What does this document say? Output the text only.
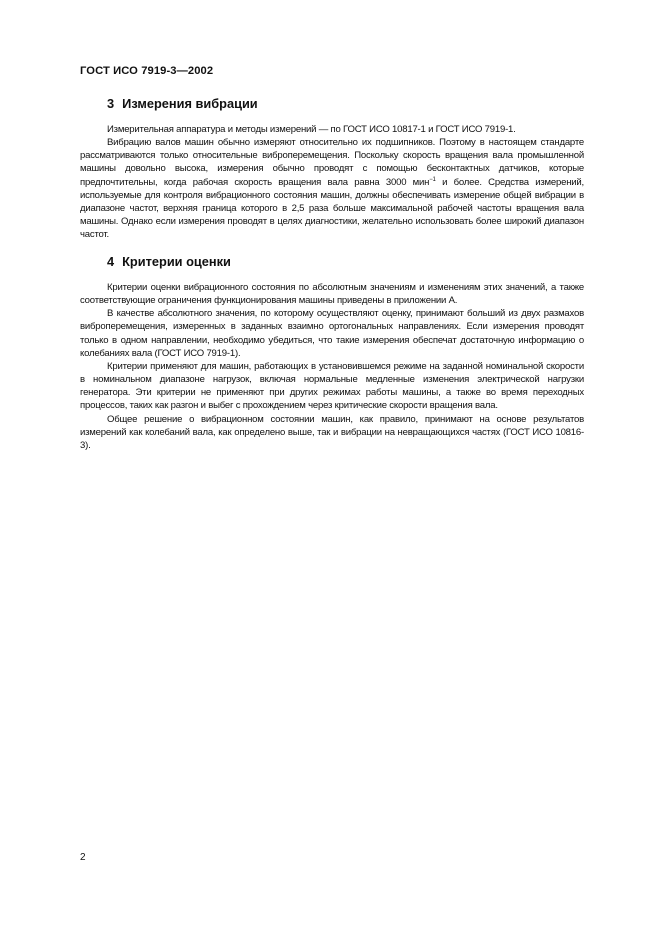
ГОСТ ИСО 7919-3—2002
3 Измерения вибрации

Измерительная аппаратура и методы измерений — по ГОСТ ИСО 10817-1 и ГОСТ ИСО 7919-1.

Вибрацию валов машин обычно измеряют относительно их подшипников. Поэтому в настоящем стандарте рассматриваются только относительные виброперемещения. Поскольку скорость вращения вала промышленной машины довольно высока, измерения обычно проводят с помощью бесконтактных датчиков, которые предпочтительны, когда рабочая скорость вращения вала равна 3000 мин$^{-1}$ и более. Средства измерений, используемые для контроля вибрационного состояния машин, должны обеспечивать измерение общей вибрации в диапазоне частот, верхняя граница которого в 2,5 раза больше максимальной рабочей частоты вращения вала машины. Однако если измерения проводят в целях диагностики, желательно использовать более широкий диапазон частот.

4 Критерии оценки

Критерии оценки вибрационного состояния по абсолютным значениям и изменениям этих значений, а также соответствующие ограничения функционирования машины приведены в приложении А.

В качестве абсолютного значения, по которому осуществляют оценку, принимают больший из двух размахов виброперемещения, измеренных в заданных взаимно ортогональных направлениях. Если измерения проводят только в одном направлении, необходимо убедиться, что такие измерения обеспечат достаточную информацию о колебаниях вала (ГОСТ ИСО 7919-1).

Критерии применяют для машин, работающих в установившемся режиме на заданной номинальной скорости в номинальном диапазоне нагрузок, включая нормальные медленные изменения электрической нагрузки генератора. Эти критерии не применяют при других режимах работы машины, а также во время переходных процессов, таких как разгон и выбег с прохождением через критические скорости вращения вала.

Общее решение о вибрационном состоянии машин, как правило, принимают на основе результатов измерений как колебаний вала, как определено выше, так и вибрации на невращающихся частях (ГОСТ ИСО 10816-3).

2
